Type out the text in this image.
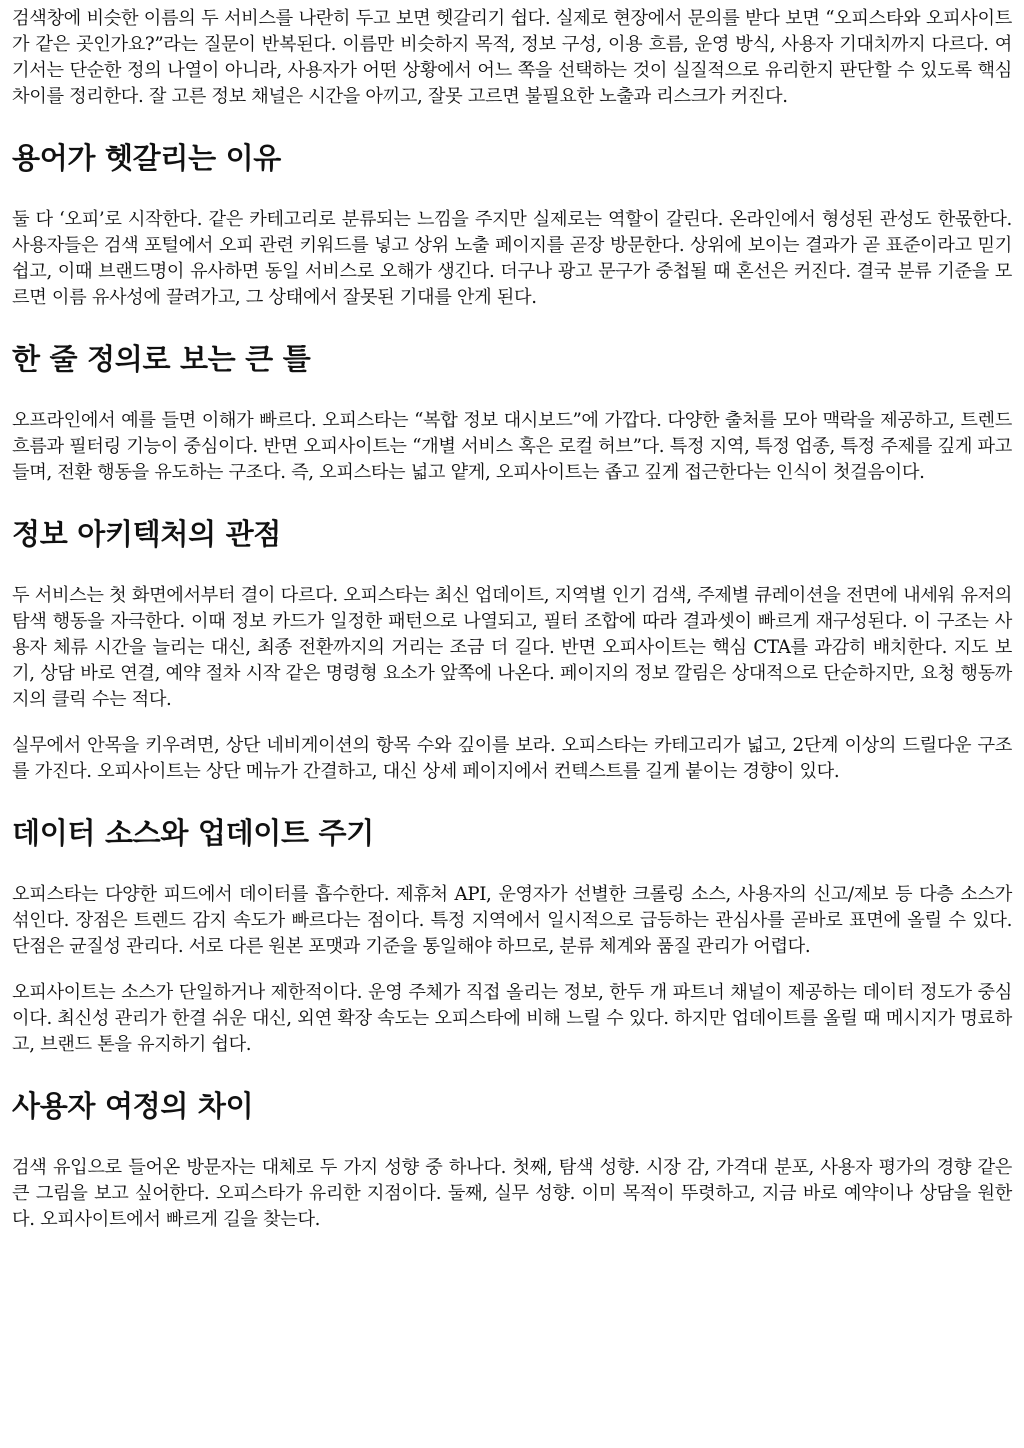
검색창에 비슷한 이름의 두 서비스를 나란히 두고 보면 헷갈리기 쉽다. 실제로 현장에서 문의를 받다 보면 “오피스타와 오피사이트가 같은 곳인가요?”라는 질문이 반복된다. 이름만 비슷하지 목적, 정보 구성, 이용 흐름, 운영 방식, 사용자 기대치까지 다르다. 여기서는 단순한 정의 나열이 아니라, 사용자가 어떤 상황에서 어느 쪽을 선택하는 것이 실질적으로 유리한지 판단할 수 있도록 핵심 차이를 정리한다. 잘 고른 정보 채널은 시간을 아끼고, 잘못 고르면 불필요한 노출과 리스크가 커진다.

용어가 헷갈리는 이유

둘 다 ‘오피’로 시작한다. 같은 카테고리로 분류되는 느낌을 주지만 실제로는 역할이 갈린다. 온라인에서 형성된 관성도 한몫한다. 사용자들은 검색 포털에서 오피 관련 키워드를 넣고 상위 노출 페이지를 곧장 방문한다. 상위에 보이는 결과가 곧 표준이라고 믿기 쉽고, 이때 브랜드명이 유사하면 동일 서비스로 오해가 생긴다. 더구나 광고 문구가 중첩될 때 혼선은 커진다. 결국 분류 기준을 모르면 이름 유사성에 끌려가고, 그 상태에서 잘못된 기대를 안게 된다.

한 줄 정의로 보는 큰 틀

오프라인에서 예를 들면 이해가 빠르다. 오피스타는 “복합 정보 대시보드”에 가깝다. 다양한 출처를 모아 맥락을 제공하고, 트렌드 흐름과 필터링 기능이 중심이다. 반면 오피사이트는 “개별 서비스 혹은 로컬 허브”다. 특정 지역, 특정 업종, 특정 주제를 깊게 파고들며, 전환 행동을 유도하는 구조다. 즉, 오피스타는 넓고 얕게, 오피사이트는 좁고 깊게 접근한다는 인식이 첫걸음이다.

정보 아키텍처의 관점

두 서비스는 첫 화면에서부터 결이 다르다. 오피스타는 최신 업데이트, 지역별 인기 검색, 주제별 큐레이션을 전면에 내세워 유저의 탐색 행동을 자극한다. 이때 정보 카드가 일정한 패턴으로 나열되고, 필터 조합에 따라 결과셋이 빠르게 재구성된다. 이 구조는 사용자 체류 시간을 늘리는 대신, 최종 전환까지의 거리는 조금 더 길다. 반면 오피사이트는 핵심 CTA를 과감히 배치한다. 지도 보기, 상담 바로 연결, 예약 절차 시작 같은 명령형 요소가 앞쪽에 나온다. 페이지의 정보 깔림은 상대적으로 단순하지만, 요청 행동까지의 클릭 수는 적다.

실무에서 안목을 키우려면, 상단 네비게이션의 항목 수와 깊이를 보라. 오피스타는 카테고리가 넓고, 2단계 이상의 드릴다운 구조를 가진다. 오피사이트는 상단 메뉴가 간결하고, 대신 상세 페이지에서 컨텍스트를 길게 붙이는 경향이 있다.

데이터 소스와 업데이트 주기

오피스타는 다양한 피드에서 데이터를 흡수한다. 제휴처 API, 운영자가 선별한 크롤링 소스, 사용자의 신고/제보 등 다층 소스가 섞인다. 장점은 트렌드 감지 속도가 빠르다는 점이다. 특정 지역에서 일시적으로 급등하는 관심사를 곧바로 표면에 올릴 수 있다. 단점은 균질성 관리다. 서로 다른 원본 포맷과 기준을 통일해야 하므로, 분류 체계와 품질 관리가 어렵다.

오피사이트는 소스가 단일하거나 제한적이다. 운영 주체가 직접 올리는 정보, 한두 개 파트너 채널이 제공하는 데이터 정도가 중심이다. 최신성 관리가 한결 쉬운 대신, 외연 확장 속도는 오피스타에 비해 느릴 수 있다. 하지만 업데이트를 올릴 때 메시지가 명료하고, 브랜드 톤을 유지하기 쉽다.

사용자 여정의 차이

검색 유입으로 들어온 방문자는 대체로 두 가지 성향 중 하나다. 첫째, 탐색 성향. 시장 감, 가격대 분포, 사용자 평가의 경향 같은 큰 그림을 보고 싶어한다. 오피스타가 유리한 지점이다. 둘째, 실무 성향. 이미 목적이 뚜렷하고, 지금 바로 예약이나 상담을 원한다. 오피사이트에서 빠르게 길을 찾는다.
